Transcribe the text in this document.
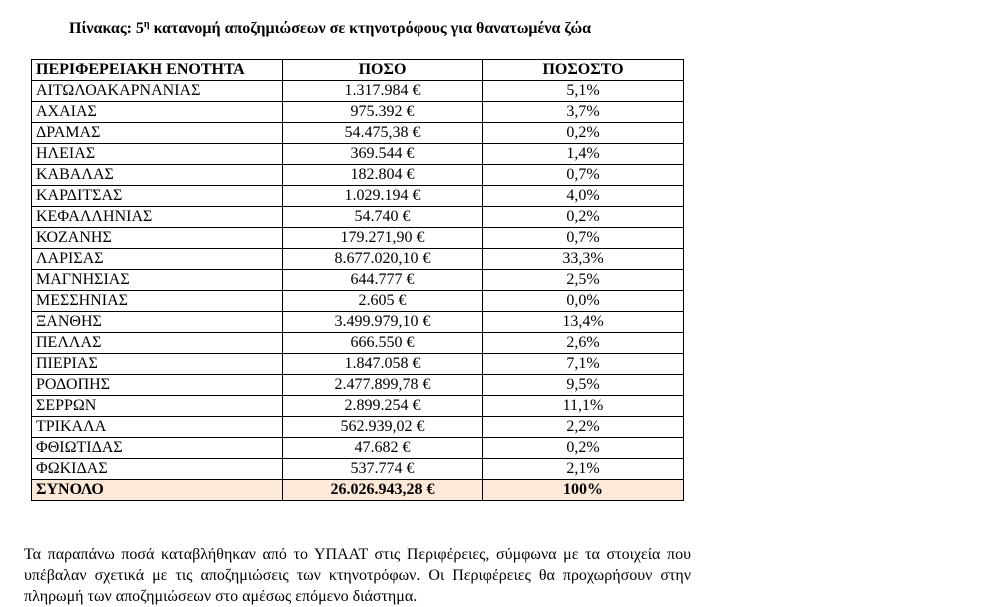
Πίνακας: $5^\eta$ κατανομή αποζημιώσεων σε κτηνοτρόφους για θανατωμένα ζώα
ΠΕΡΙΦΕΡΕΙΑΚΗ ΕΝΟΤΗΤΑ	ΠΟΣΟ	ΠΟΣΟΣΤΟ
ΑΙΤΩΛΟΑΚΑΡΝΑΝΙΑΣ	1.317.984 €	5,1%
ΑΧΑΙΑΣ	975.392 €	3,7%
ΔΡΑΜΑΣ	54.475,38 €	0,2%
ΗΛΕΙΑΣ	369.544 €	1,4%
ΚΑΒΑΛΑΣ	182.804 €	0,7%
ΚΑΡΔΙΤΣΑΣ	1.029.194 €	4,0%
ΚΕΦΑΛΛΗΝΙΑΣ	54.740 €	0,2%
ΚΟΖΑΝΗΣ	179.271,90 €	0,7%
ΛΑΡΙΣΑΣ	8.677.020,10 €	33,3%
ΜΑΓΝΗΣΙΑΣ	644.777 €	2,5%
ΜΕΣΣΗΝΙΑΣ	2.605 €	0,0%
ΞΑΝΘΗΣ	3.499.979,10 €	13,4%
ΠΕΛΛΑΣ	666.550 €	2,6%
ΠΙΕΡΙΑΣ	1.847.058 €	7,1%
ΡΟΔΟΠΗΣ	2.477.899,78 €	9,5%
ΣΕΡΡΩΝ	2.899.254 €	11,1%
ΤΡΙΚΑΛΑ	562.939,02 €	2,2%
ΦΘΙΩΤΙΔΑΣ	47.682 €	0,2%
ΦΩΚΙΔΑΣ	537.774 €	2,1%
ΣΥΝΟΛΟ	26.026.943,28 €	100%
Τα παραπάνω ποσά καταβλήθηκαν από το ΥΠΑΑΤ στις Περιφέρειες, σύμφωνα με τα στοιχεία που υπέβαλαν σχετικά με τις αποζημιώσεις των κτηνοτρόφων. Οι Περιφέρειες θα προχωρήσουν στην πληρωμή των αποζημιώσεων στο αμέσως επόμενο διάστημα.
